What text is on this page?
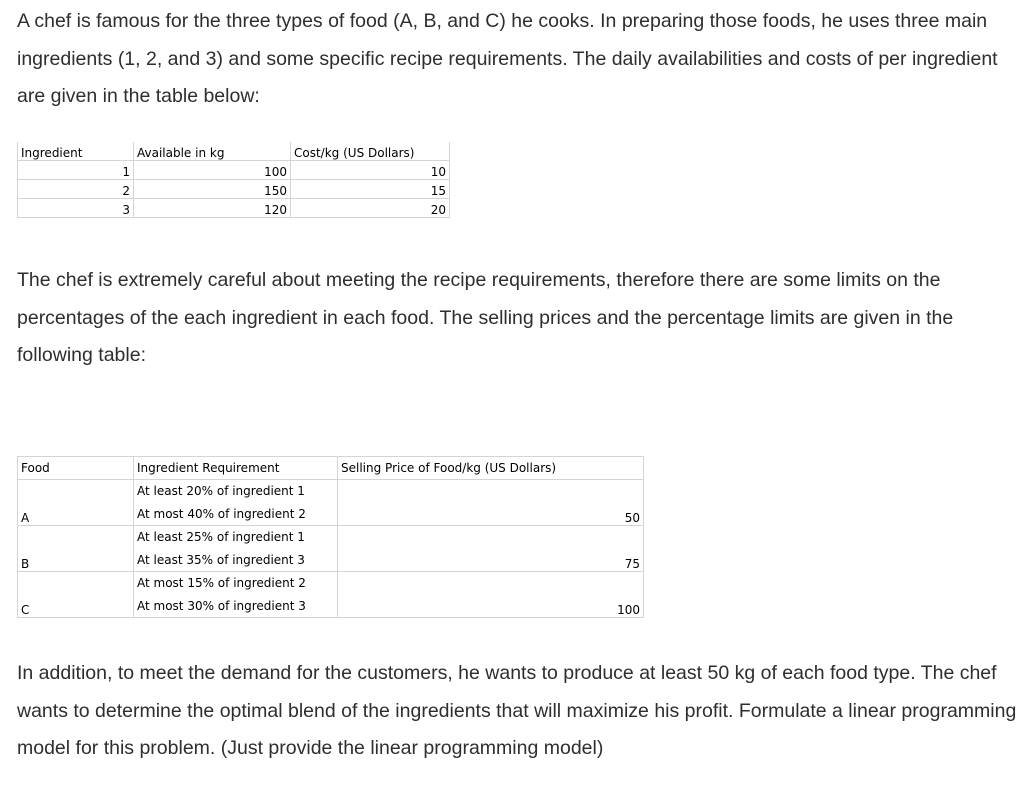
A chef is famous for the three types of food (A, B, and C) he cooks. In preparing those foods, he uses three main ingredients (1, 2, and 3) and some specific recipe requirements. The daily availabilities and costs of per ingredient are given in the table below:

Ingredient	Available in kg	Cost/kg (US Dollars)
1	100	10
2	150	15
3	120	20

The chef is extremely careful about meeting the recipe requirements, therefore there are some limits on the percentages of the each ingredient in each food. The selling prices and the percentage limits are given in the following table:

Food	Ingredient Requirement	Selling Price of Food/kg (US Dollars)
A	At least 20% of ingredient 1
At most 40% of ingredient 2	50
B	At least 25% of ingredient 1
At least 35% of ingredient 3	75
C	At most 15% of ingredient 2
At most 30% of ingredient 3	100

In addition, to meet the demand for the customers, he wants to produce at least 50 kg of each food type. The chef wants to determine the optimal blend of the ingredients that will maximize his profit. Formulate a linear programming model for this problem. (Just provide the linear programming model)
